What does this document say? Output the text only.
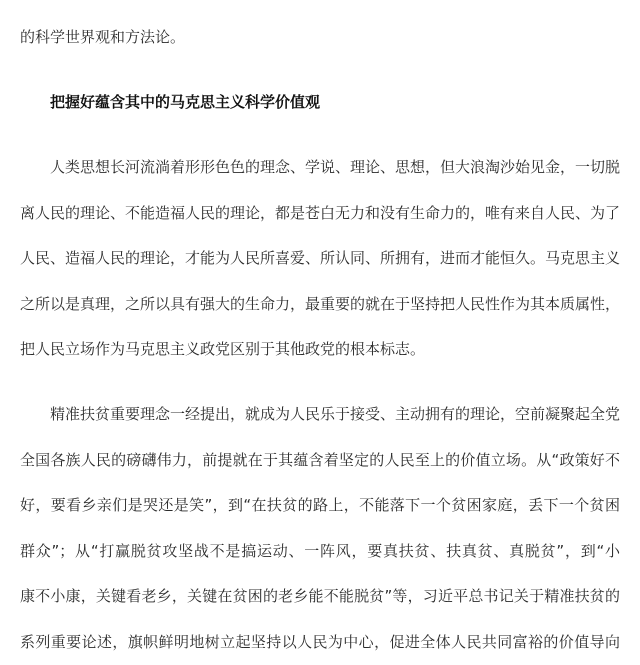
的科学世界观和方法论。
把握好蕴含其中的马克思主义科学价值观
人类思想长河流淌着形形色色的理念、学说、理论、思想，但大浪淘沙始见金，一切脱
离人民的理论、不能造福人民的理论，都是苍白无力和没有生命力的，唯有来自人民、为了
人民、造福人民的理论，才能为人民所喜爱、所认同、所拥有，进而才能恒久。马克思主义
之所以是真理，之所以具有强大的生命力，最重要的就在于坚持把人民性作为其本质属性，
把人民立场作为马克思主义政党区别于其他政党的根本标志。
精准扶贫重要理念一经提出，就成为人民乐于接受、主动拥有的理论，空前凝聚起全党
全国各族人民的磅礴伟力，前提就在于其蕴含着坚定的人民至上的价值立场。从“政策好不
好，要看乡亲们是哭还是笑”，到“在扶贫的路上，不能落下一个贫困家庭，丢下一个贫困
群众”；从“打赢脱贫攻坚战不是搞运动、一阵风，要真扶贫、扶真贫、真脱贫”，到“小
康不小康，关键看老乡，关键在贫困的老乡能不能脱贫”等，习近平总书记关于精准扶贫的
系列重要论述，旗帜鲜明地树立起坚持以人民为中心，促进全体人民共同富裕的价值导向
